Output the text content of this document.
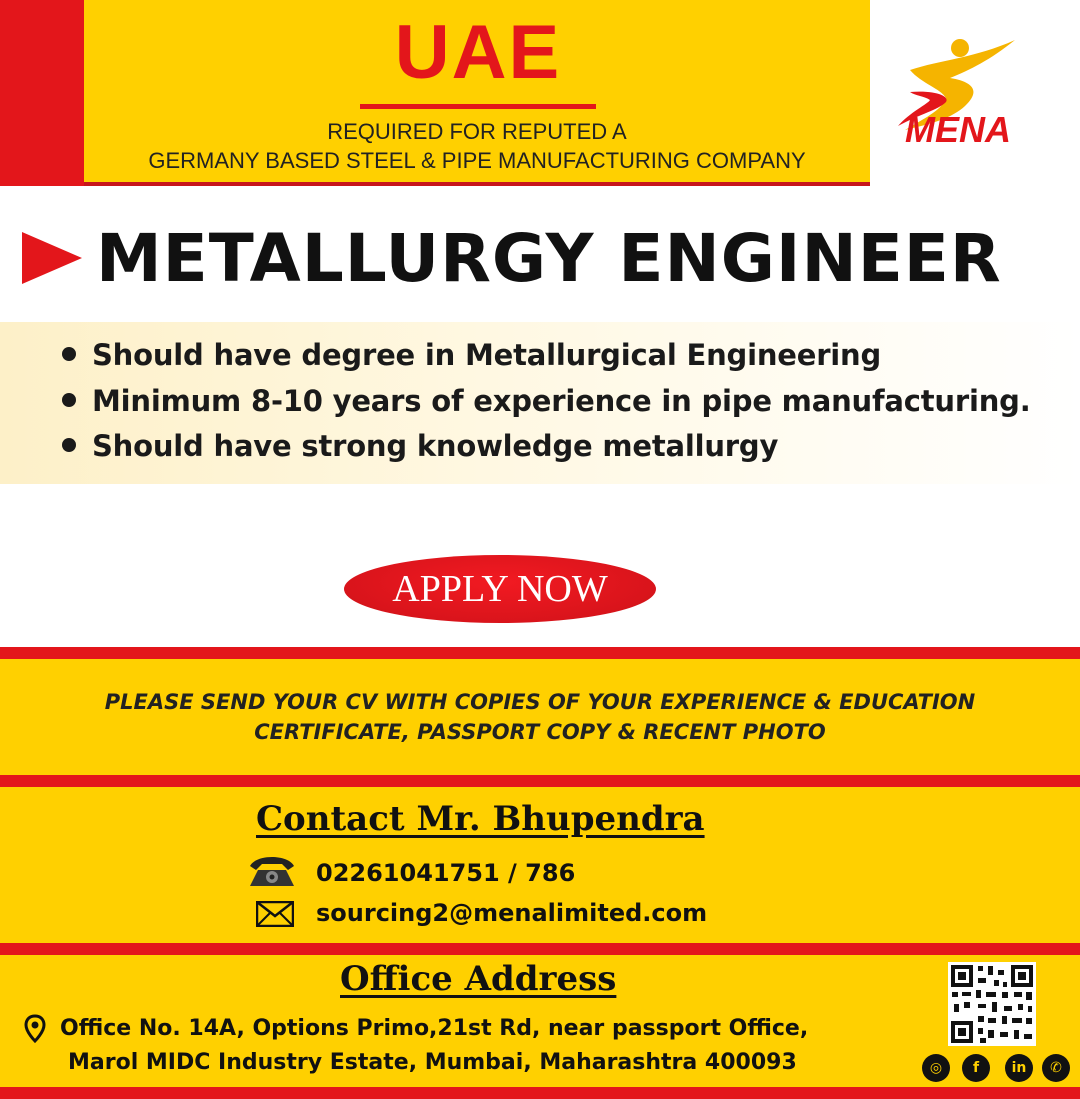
UAE
REQUIRED FOR REPUTED A
GERMANY BASED STEEL & PIPE MANUFACTURING COMPANY
MENA
METALLURGY ENGINEER
Should have degree in Metallurgical Engineering
Minimum 8-10 years of experience in pipe manufacturing.
Should have strong knowledge metallurgy
APPLY NOW
PLEASE SEND YOUR CV WITH COPIES OF YOUR EXPERIENCE & EDUCATION
CERTIFICATE, PASSPORT COPY & RECENT PHOTO
Contact Mr. Bhupendra
02261041751 / 786
sourcing2@menalimited.com
Office Address
Office No. 14A, Options Primo,21st Rd, near passport Office,
Marol MIDC Industry Estate, Mumbai, Maharashtra 400093	◎	f	in	✆
